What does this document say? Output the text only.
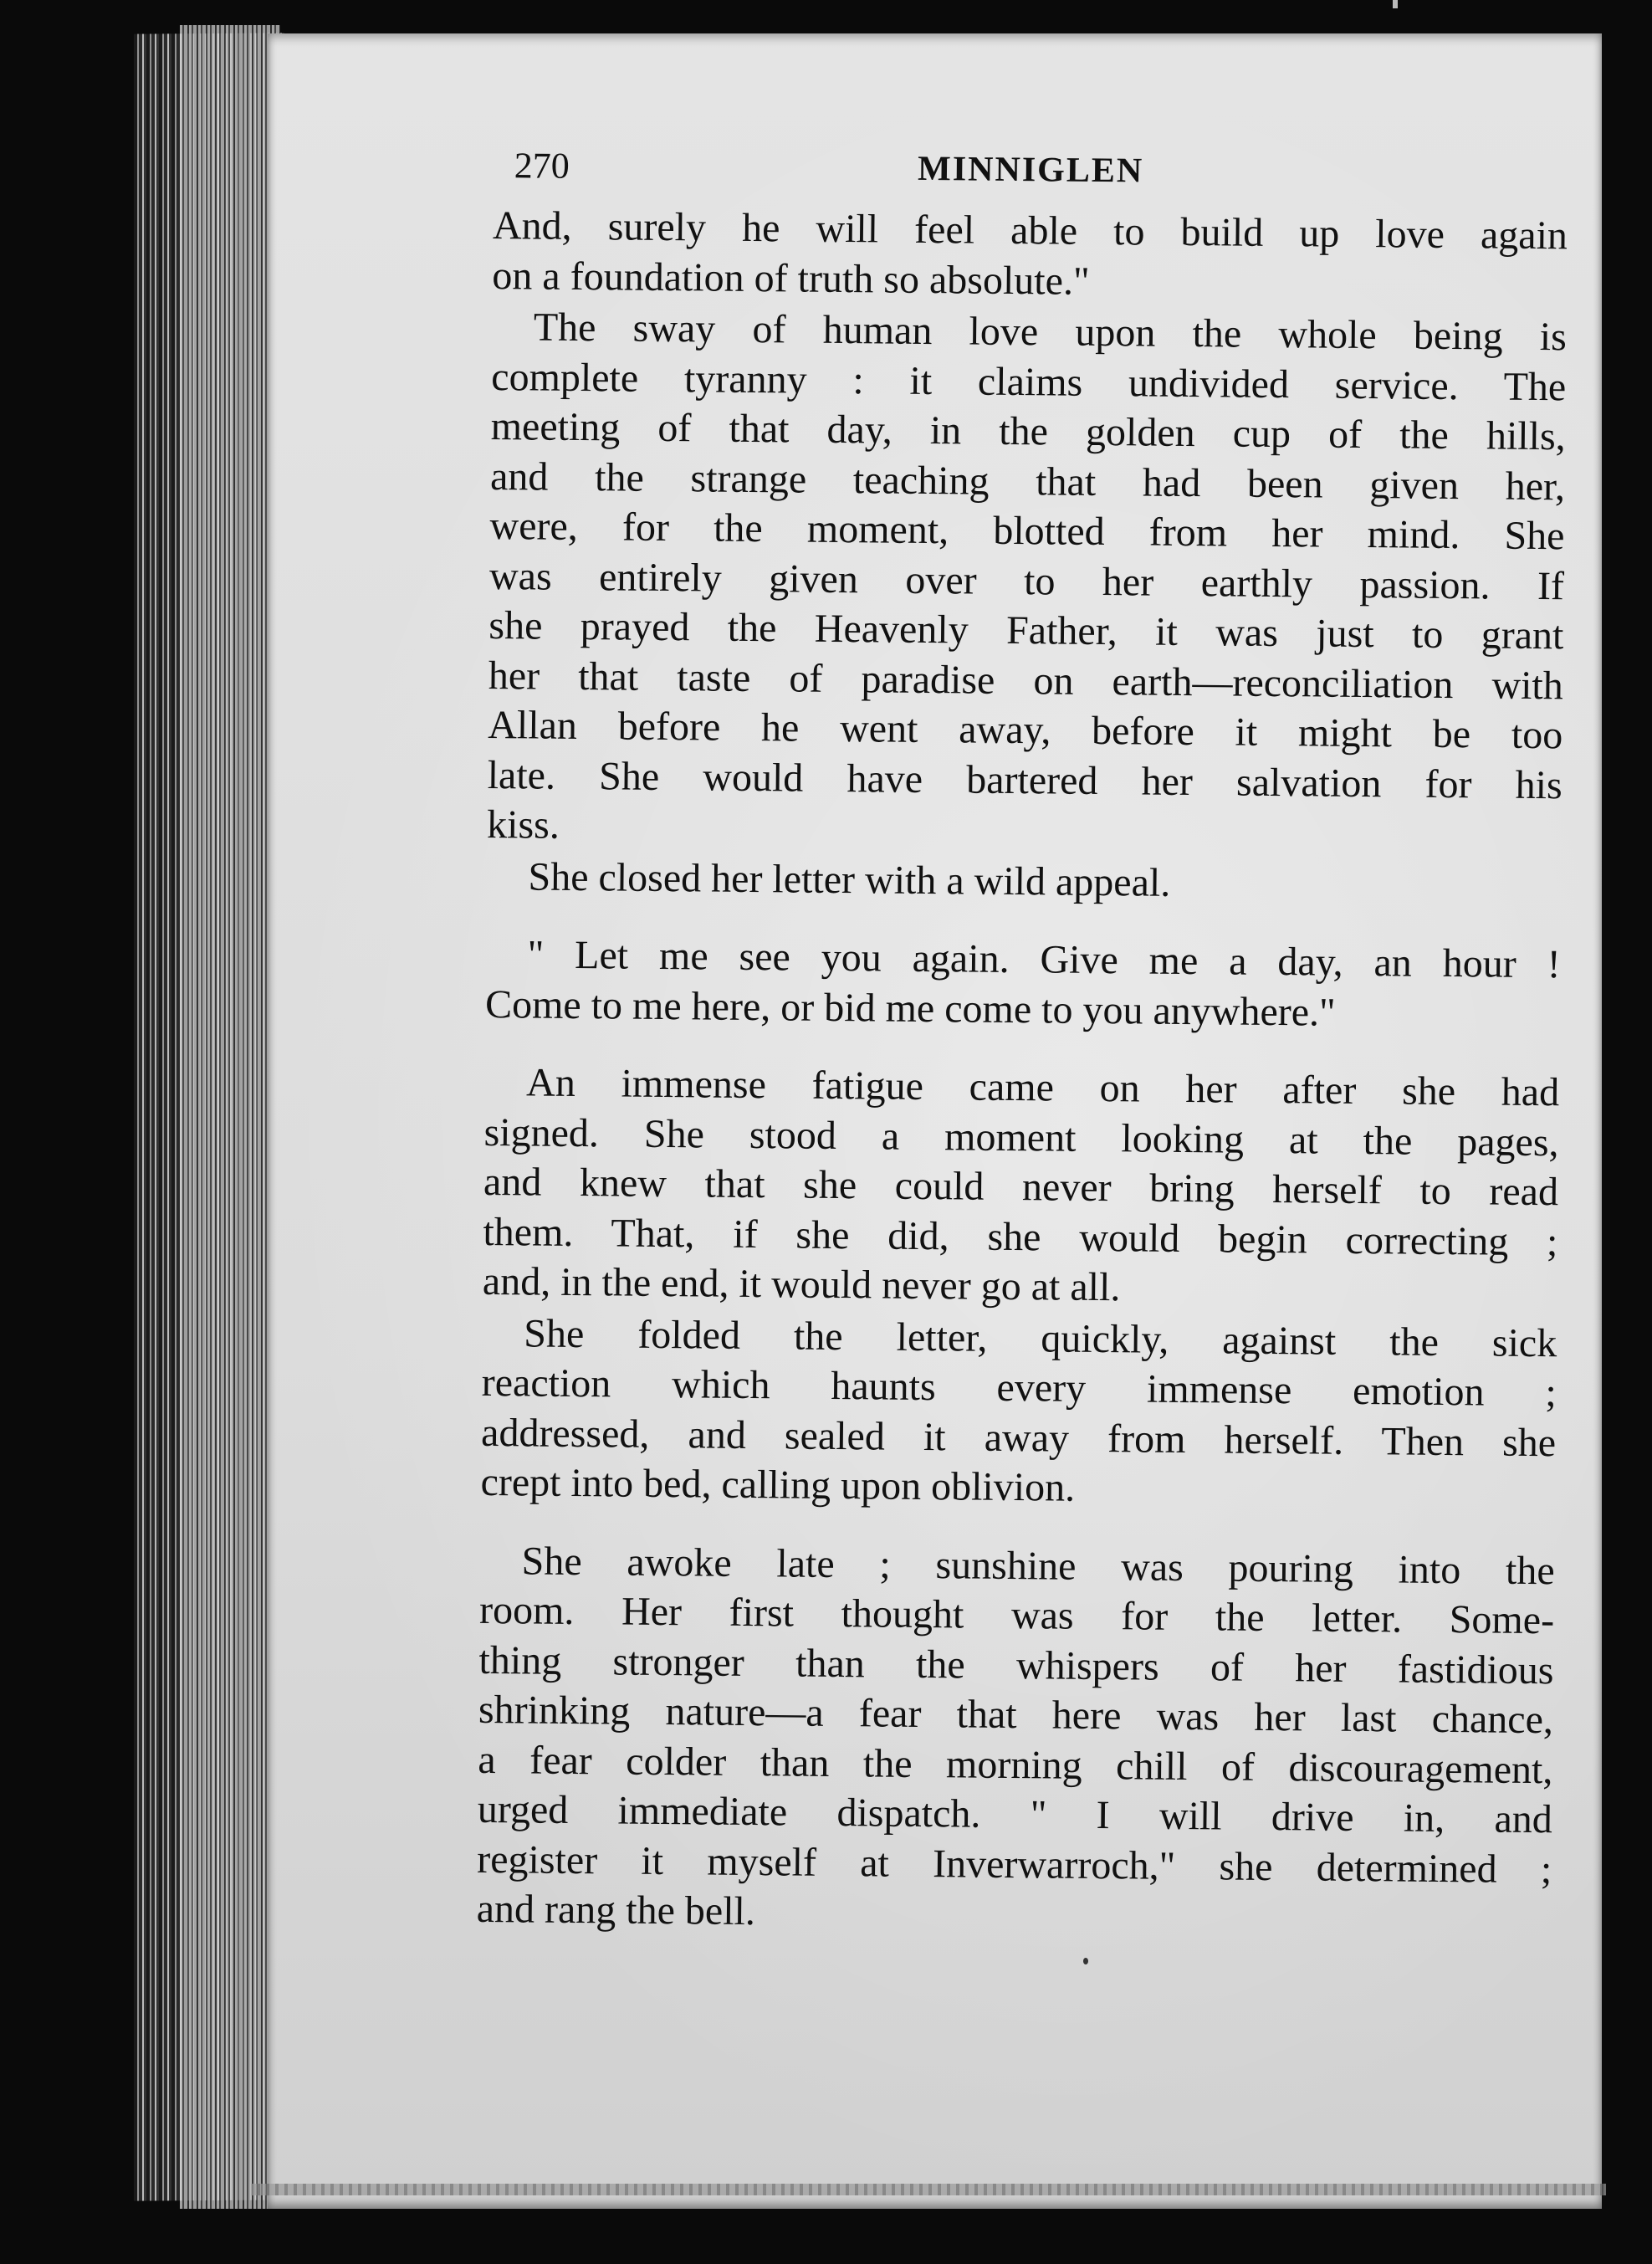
270	MINNIGLEN

And, surely he will feel able to build up love again
on a foundation of truth so absolute."

The sway of human love upon the whole being is
complete tyranny : it claims undivided service. The
meeting of that day, in the golden cup of the hills,
and the strange teaching that had been given her,
were, for the moment, blotted from her mind. She
was entirely given over to her earthly passion. If
she prayed the Heavenly Father, it was just to grant
her that taste of paradise on earth—reconciliation with
Allan before he went away, before it might be too
late. She would have bartered her salvation for his
kiss.

She closed her letter with a wild appeal.

" Let me see you again. Give me a day, an hour !
Come to me here, or bid me come to you anywhere."

An immense fatigue came on her after she had
signed. She stood a moment looking at the pages,
and knew that she could never bring herself to read
them. That, if she did, she would begin correcting ;
and, in the end, it would never go at all.

She folded the letter, quickly, against the sick
reaction which haunts every immense emotion ;
addressed, and sealed it away from herself. Then she
crept into bed, calling upon oblivion.

She awoke late ; sunshine was pouring into the
room. Her first thought was for the letter. Some-
thing stronger than the whispers of her fastidious
shrinking nature—a fear that here was her last chance,
a fear colder than the morning chill of discouragement,
urged immediate dispatch. " I will drive in, and
register it myself at Inverwarroch," she determined ;
and rang the bell.
